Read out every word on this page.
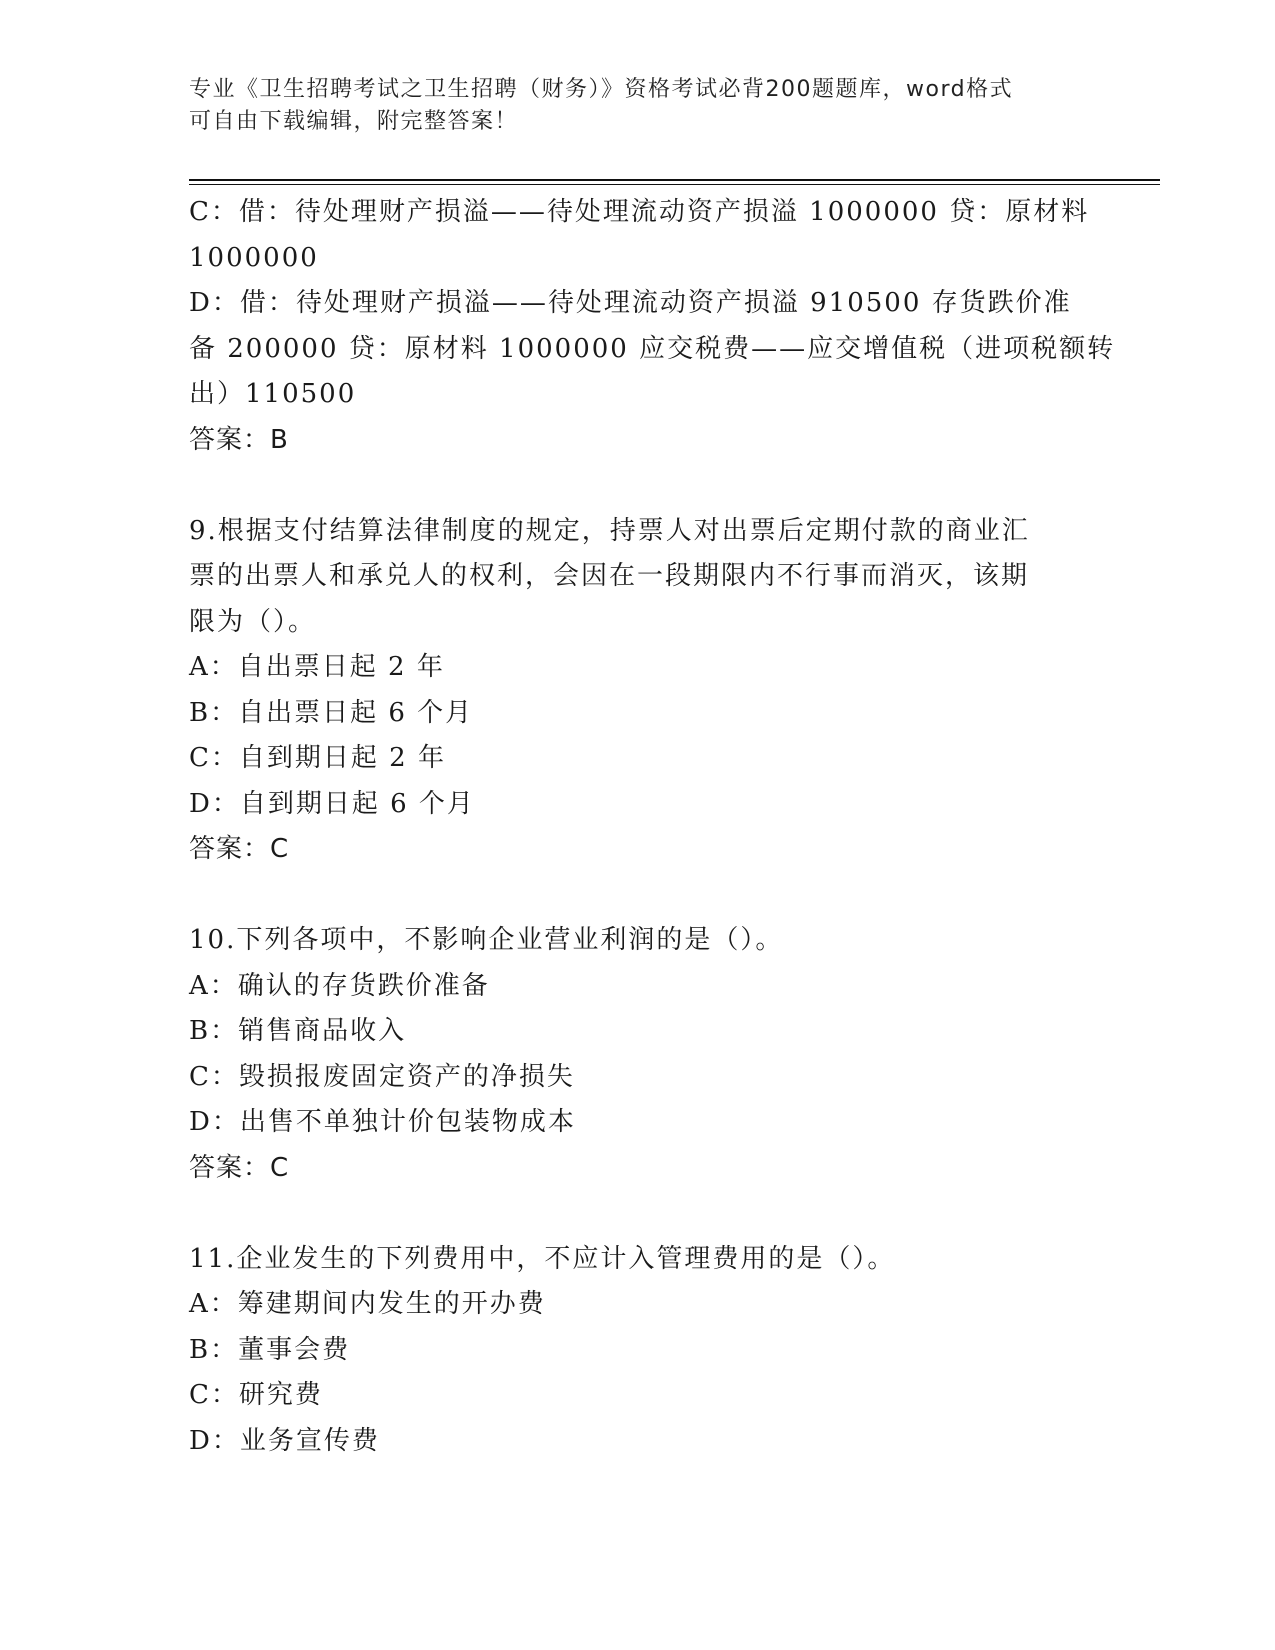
专业《卫生招聘考试之卫生招聘（财务）》资格考试必背200题题库，word格式
可自由下载编辑，附完整答案！
C：借：待处理财产损溢——待处理流动资产损溢 1000000 贷：原材料
1000000
D：借：待处理财产损溢——待处理流动资产损溢 910500 存货跌价准
备 200000 贷：原材料 1000000 应交税费——应交增值税（进项税额转
出）110500
答案：B
9.根据支付结算法律制度的规定，持票人对出票后定期付款的商业汇
票的出票人和承兑人的权利，会因在一段期限内不行事而消灭，该期
限为（）。
A：自出票日起 2 年
B：自出票日起 6 个月
C：自到期日起 2 年
D：自到期日起 6 个月
答案：C
10.下列各项中，不影响企业营业利润的是（）。
A：确认的存货跌价准备
B：销售商品收入
C：毁损报废固定资产的净损失
D：出售不单独计价包装物成本
答案：C
11.企业发生的下列费用中，不应计入管理费用的是（）。
A：筹建期间内发生的开办费
B：董事会费
C：研究费
D：业务宣传费
